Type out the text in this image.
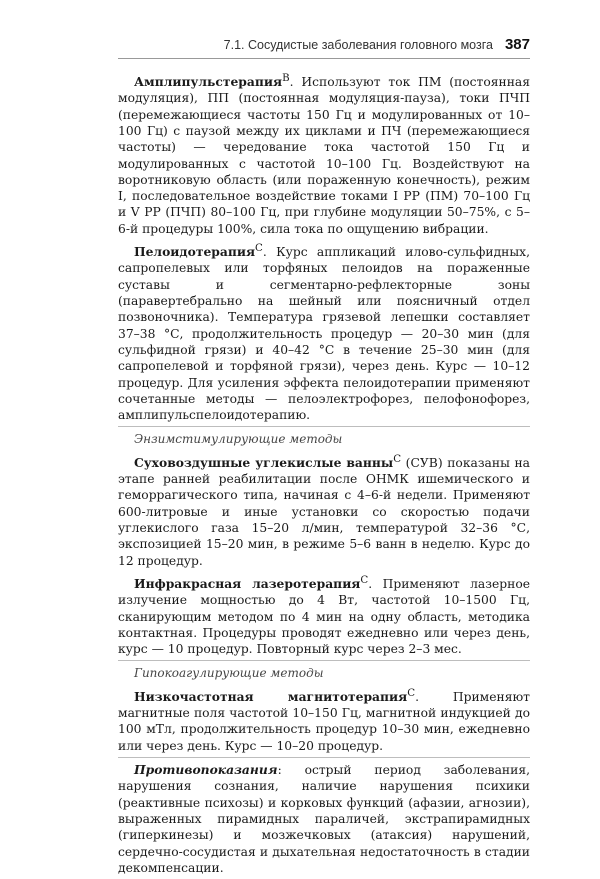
7.1. Сосудистые заболевания головного мозга 387

Амплипульстерапия$^B$. Используют ток ПМ (постоянная модуляция), ПП (постоянная модуляция-пауза), токи ПЧП (перемежающиеся частоты 150 Гц и модулированных от 10–100 Гц) с паузой между их циклами и ПЧ (перемежающиеся частоты) — чередование тока частотой 150 Гц и модулированных с частотой 10–100 Гц. Воздействуют на воротниковую область (или пораженную конечность), режим I, последовательное воздействие токами I РР (ПМ) 70–100 Гц и V РР (ПЧП) 80–100 Гц, при глубине модуляции 50–75%, с 5–6-й процедуры 100%, сила тока по ощущению вибрации.

Пелоидотерапия$^C$. Курс аппликаций илово-сульфидных, сапропелевых или торфяных пелоидов на пораженные суставы и сегментарно-рефлекторные зоны (паравертебрально на шейный или поясничный отдел позвоночника). Температура грязевой лепешки составляет 37–38 °С, продолжительность процедур — 20–30 мин (для сульфидной грязи) и 40–42 °С в течение 25–30 мин (для сапропелевой и торфяной грязи), через день. Курс — 10–12 процедур. Для усиления эффекта пелоидотерапии применяют сочетанные методы — пелоэлектрофорез, пелофонофорез, амплипульспелоидотерапию.

Энзимстимулирующие методы

Суховоздушные углекислые ванны$^C$ (СУВ) показаны на этапе ранней реабилитации после ОНМК ишемического и геморрагического типа, начиная с 4–6-й недели. Применяют 600-литровые и иные установки со скоростью подачи углекислого газа 15–20 л/мин, температурой 32–36 °С, экспозицией 15–20 мин, в режиме 5–6 ванн в неделю. Курс до 12 процедур.

Инфракрасная лазеротерапия$^C$. Применяют лазерное излучение мощностью до 4 Вт, частотой 10–1500 Гц, сканирующим методом по 4 мин на одну область, методика контактная. Процедуры проводят ежедневно или через день, курс — 10 процедур. Повторный курс через 2–3 мес.

Гипокоагулирующие методы

Низкочастотная магнитотерапия$^C$. Применяют магнитные поля частотой 10–150 Гц, магнитной индукцией до 100 мТл, продолжительность процедур 10–30 мин, ежедневно или через день. Курс — 10–20 процедур.

Противопоказания: острый период заболевания, нарушения сознания, наличие нарушения психики (реактивные психозы) и корковых функций (афазии, агнозии), выраженных пирамидных параличей, экстрапирамидных (гиперкинезы) и мозжечковых (атаксия) нарушений, сердечно-сосудистая и дыхательная недостаточность в стадии декомпенсации.
